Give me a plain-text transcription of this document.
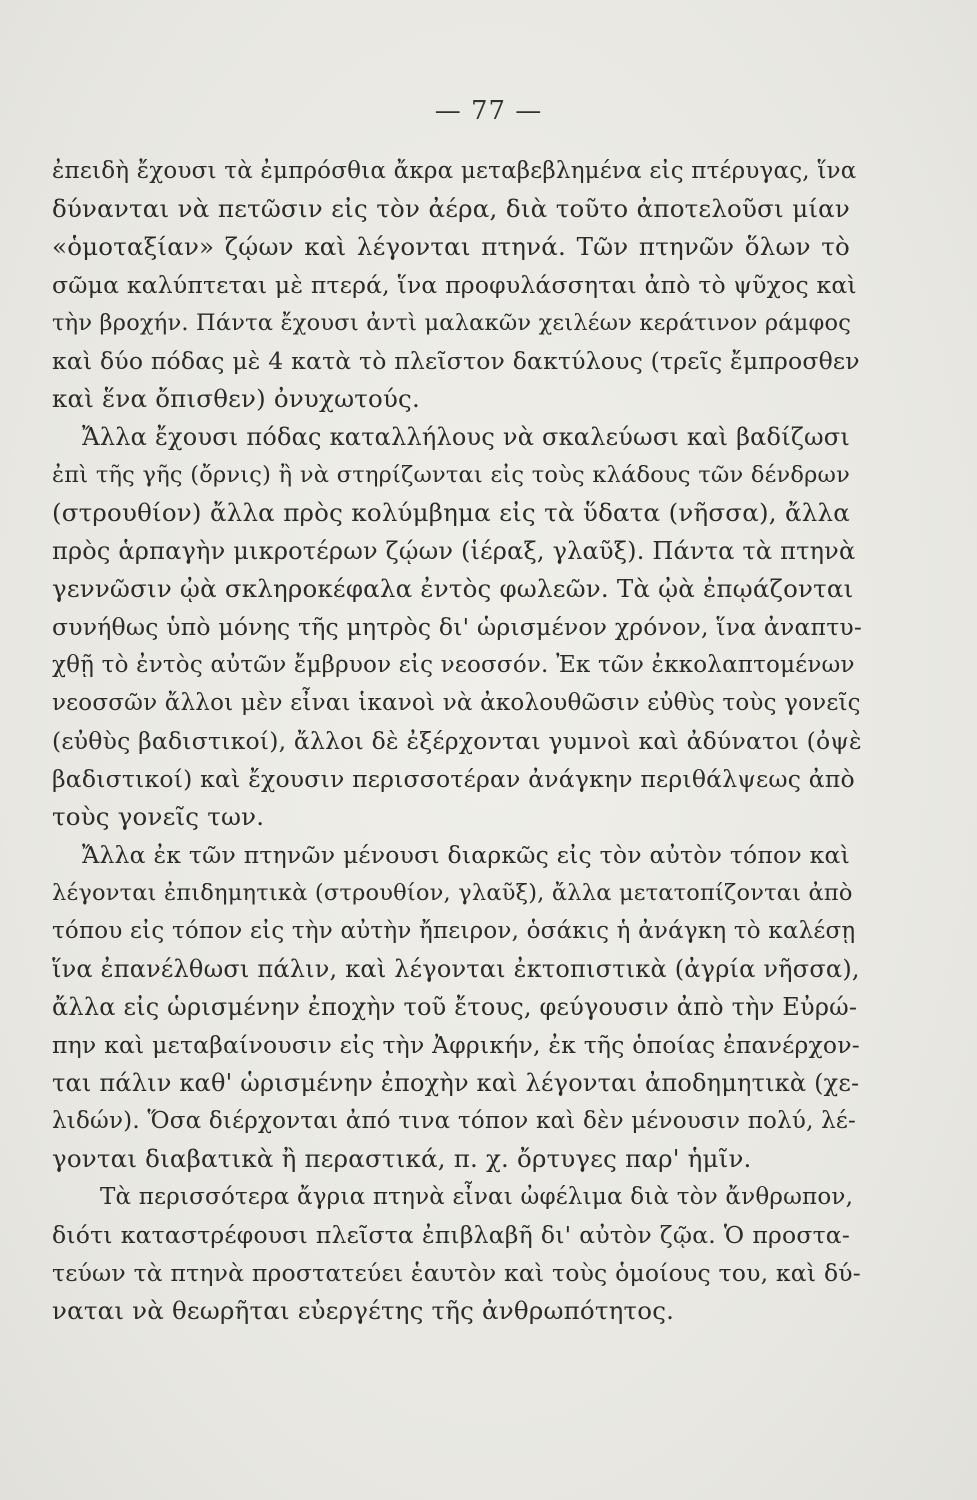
— 77 —
ἐπειδὴ ἔχουσι τὰ ἐμπρόσθια ἄκρα μεταβεβλημένα εἰς πτέρυγας, ἵνα
δύνανται νὰ πετῶσιν εἰς τὸν ἀέρα, διὰ τοῦτο ἀποτελοῦσι μίαν
«ὁμοταξίαν» ζῴων καὶ λέγονται πτηνά. Τῶν πτηνῶν ὅλων τὸ
σῶμα καλύπτεται μὲ πτερά, ἵνα προφυλάσσηται ἀπὸ τὸ ψῦχος καὶ
τὴν βροχήν. Πάντα ἔχουσι ἀντὶ μαλακῶν χειλέων κεράτινον ράμφος
καὶ δύο πόδας μὲ 4 κατὰ τὸ πλεῖστον δακτύλους (τρεῖς ἔμπροσθεν
καὶ ἕνα ὄπισθεν) ὀνυχωτούς.
Ἄλλα ἔχουσι πόδας καταλλήλους νὰ σκαλεύωσι καὶ βαδίζωσι
ἐπὶ τῆς γῆς (ὄρνις) ἢ νὰ στηρίζωνται εἰς τοὺς κλάδους τῶν δένδρων
(στρουθίον) ἄλλα πρὸς κολύμβημα εἰς τὰ ὕδατα (νῆσσα), ἄλλα
πρὸς ἁρπαγὴν μικροτέρων ζῴων (ἱέραξ, γλαῦξ). Πάντα τὰ πτηνὰ
γεννῶσιν ᾠὰ σκληροκέφαλα ἐντὸς φωλεῶν. Τὰ ᾠὰ ἐπῳάζονται
συνήθως ὑπὸ μόνης τῆς μητρὸς δι' ὡρισμένον χρόνον, ἵνα ἀναπτυ-
χθῇ τὸ ἐντὸς αὐτῶν ἔμβρυον εἰς νεοσσόν. Ἐκ τῶν ἐκκολαπτομένων
νεοσσῶν ἄλλοι μὲν εἶναι ἱκανοὶ νὰ ἀκολουθῶσιν εὐθὺς τοὺς γονεῖς
(εὐθὺς βαδιστικοί), ἄλλοι δὲ ἐξέρχονται γυμνοὶ καὶ ἀδύνατοι (ὀψὲ
βαδιστικοί) καὶ ἔχουσιν περισσοτέραν ἀνάγκην περιθάλψεως ἀπὸ
τοὺς γονεῖς των.
Ἄλλα ἐκ τῶν πτηνῶν μένουσι διαρκῶς εἰς τὸν αὐτὸν τόπον καὶ
λέγονται ἐπιδημητικὰ (στρουθίον, γλαῦξ), ἄλλα μετατοπίζονται ἀπὸ
τόπου εἰς τόπον εἰς τὴν αὐτὴν ἤπειρον, ὁσάκις ἡ ἀνάγκη τὸ καλέσῃ
ἵνα ἐπανέλθωσι πάλιν, καὶ λέγονται ἐκτοπιστικὰ (ἀγρία νῆσσα),
ἄλλα εἰς ὡρισμένην ἐποχὴν τοῦ ἔτους, φεύγουσιν ἀπὸ τὴν Εὐρώ-
πην καὶ μεταβαίνουσιν εἰς τὴν Ἀφρικήν, ἐκ τῆς ὁποίας ἐπανέρχον-
ται πάλιν καθ' ὡρισμένην ἐποχὴν καὶ λέγονται ἀποδημητικὰ (χε-
λιδών). Ὅσα διέρχονται ἀπό τινα τόπον καὶ δὲν μένουσιν πολύ, λέ-
γονται διαβατικὰ ἢ περαστικά, π. χ. ὄρτυγες παρ' ἡμῖν.
Τὰ περισσότερα ἄγρια πτηνὰ εἶναι ὠφέλιμα διὰ τὸν ἄνθρωπον,
διότι καταστρέφουσι πλεῖστα ἐπιβλαβῆ δι' αὐτὸν ζῷα. Ὁ προστα-
τεύων τὰ πτηνὰ προστατεύει ἑαυτὸν καὶ τοὺς ὁμοίους του, καὶ δύ-
ναται νὰ θεωρῆται εὐεργέτης τῆς ἀνθρωπότητος.
